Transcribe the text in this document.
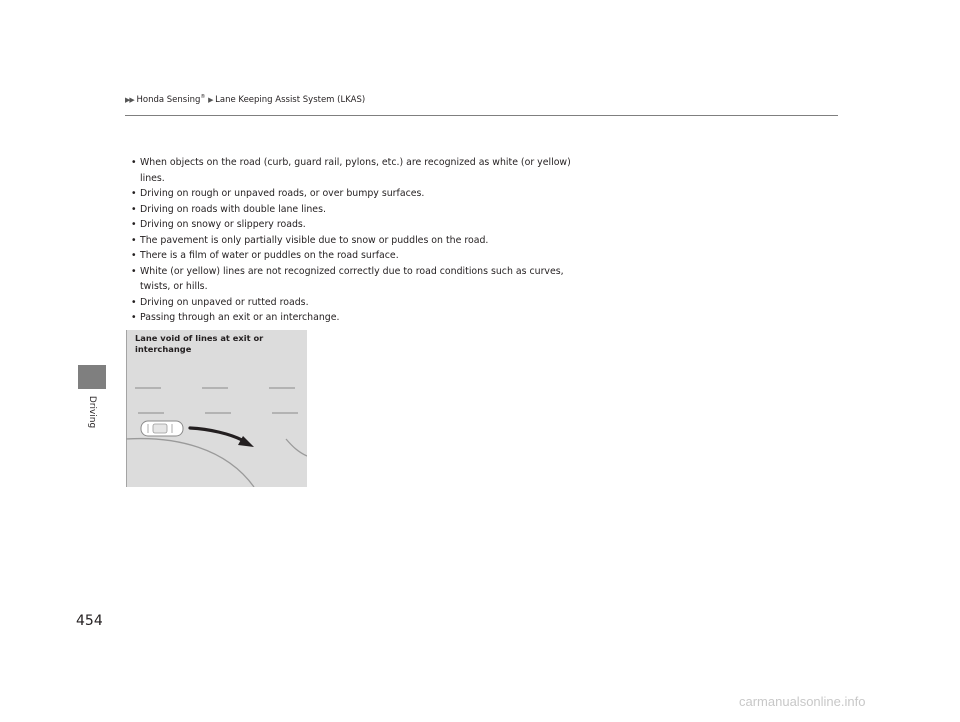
▶▶ Honda Sensing® ▶ Lane Keeping Assist System (LKAS)
Driving
• When objects on the road (curb, guard rail, pylons, etc.) are recognized as white (or yellow) lines.
• Driving on rough or unpaved roads, or over bumpy surfaces.
• Driving on roads with double lane lines.
• Driving on snowy or slippery roads.
• The pavement is only partially visible due to snow or puddles on the road.
• There is a film of water or puddles on the road surface.
• White (or yellow) lines are not recognized correctly due to road conditions such as curves, twists, or hills.
• Driving on unpaved or rutted roads.
• Passing through an exit or an interchange.
Lane void of lines at exit or interchange
454
carmanualsonline.info
